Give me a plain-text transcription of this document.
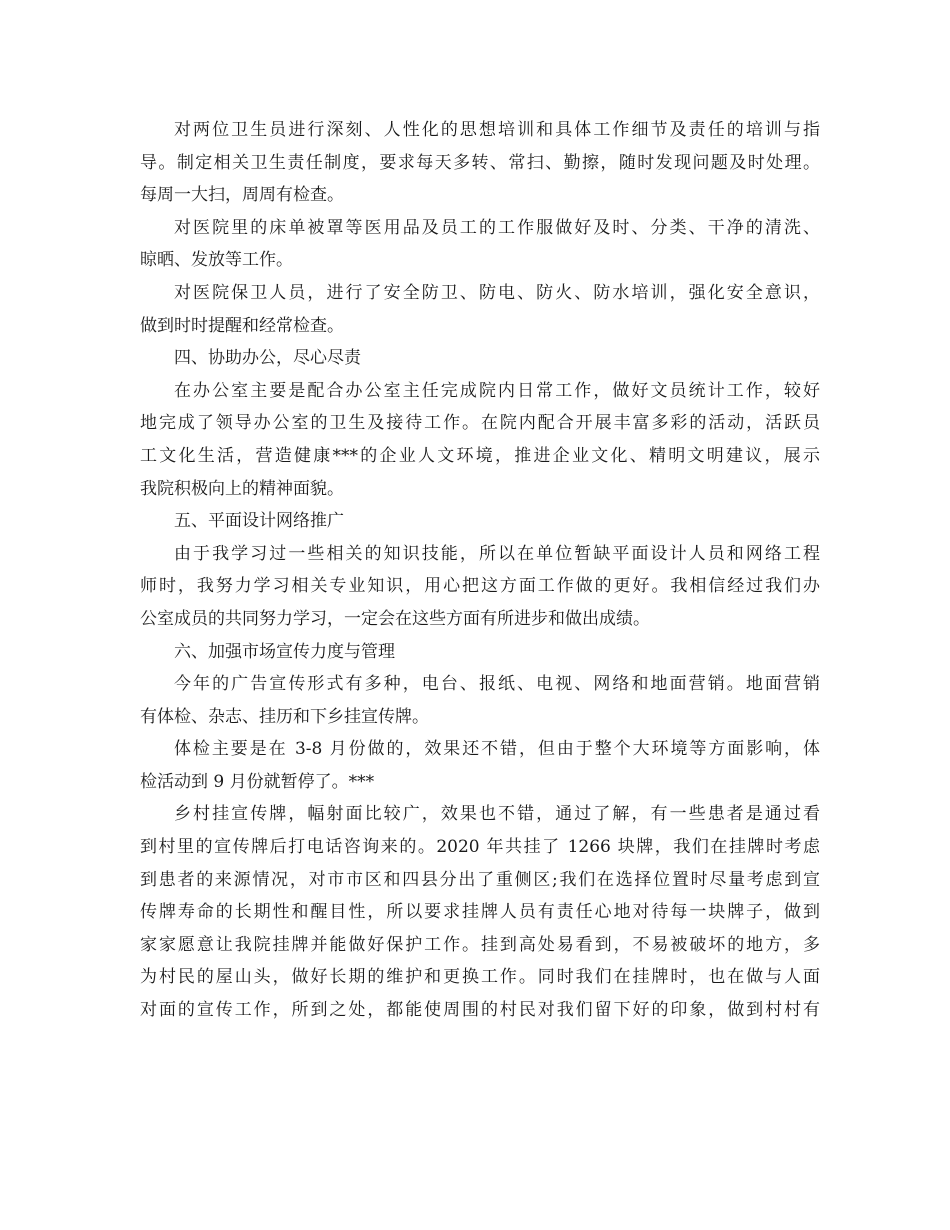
对两位卫生员进行深刻、人性化的思想培训和具体工作细节及责任的培训与指
导。制定相关卫生责任制度，要求每天多转、常扫、勤擦，随时发现问题及时处理。
每周一大扫，周周有检查。
对医院里的床单被罩等医用品及员工的工作服做好及时、分类、干净的清洗、
晾晒、发放等工作。
对医院保卫人员，进行了安全防卫、防电、防火、防水培训，强化安全意识，
做到时时提醒和经常检查。
四、协助办公，尽心尽责
在办公室主要是配合办公室主任完成院内日常工作，做好文员统计工作，较好
地完成了领导办公室的卫生及接待工作。在院内配合开展丰富多彩的活动，活跃员
工文化生活，营造健康***的企业人文环境，推进企业文化、精明文明建议，展示
我院积极向上的精神面貌。
五、平面设计网络推广
由于我学习过一些相关的知识技能，所以在单位暂缺平面设计人员和网络工程
师时，我努力学习相关专业知识，用心把这方面工作做的更好。我相信经过我们办
公室成员的共同努力学习，一定会在这些方面有所进步和做出成绩。
六、加强市场宣传力度与管理
今年的广告宣传形式有多种，电台、报纸、电视、网络和地面营销。地面营销
有体检、杂志、挂历和下乡挂宣传牌。
体检主要是在 3-8 月份做的，效果还不错，但由于整个大环境等方面影响，体
检活动到 9 月份就暂停了。***
乡村挂宣传牌，幅射面比较广，效果也不错，通过了解，有一些患者是通过看
到村里的宣传牌后打电话咨询来的。2020 年共挂了 1266 块牌，我们在挂牌时考虑
到患者的来源情况，对市市区和四县分出了重侧区;我们在选择位置时尽量考虑到宣
传牌寿命的长期性和醒目性，所以要求挂牌人员有责任心地对待每一块牌子，做到
家家愿意让我院挂牌并能做好保护工作。挂到高处易看到，不易被破坏的地方，多
为村民的屋山头，做好长期的维护和更换工作。同时我们在挂牌时，也在做与人面
对面的宣传工作，所到之处，都能使周围的村民对我们留下好的印象，做到村村有
